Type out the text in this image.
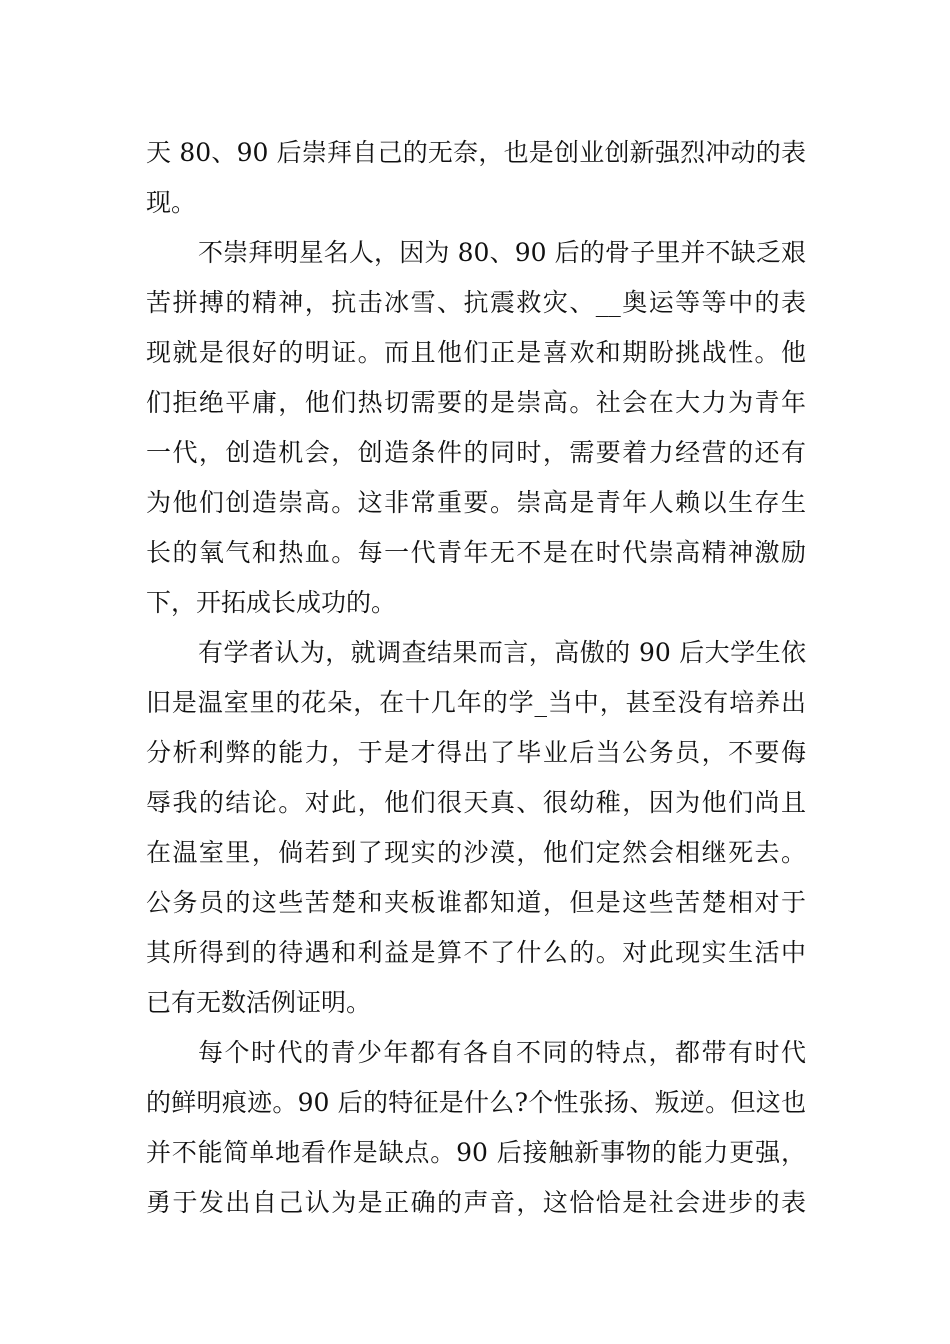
天 80、90 后崇拜自己的无奈，也是创业创新强烈冲动的表
现。
不崇拜明星名人，因为 80、90 后的骨子里并不缺乏艰
苦拼搏的精神，抗击冰雪、抗震救灾、__奥运等等中的表
现就是很好的明证。而且他们正是喜欢和期盼挑战性。他
们拒绝平庸，他们热切需要的是崇高。社会在大力为青年
一代，创造机会，创造条件的同时，需要着力经营的还有
为他们创造崇高。这非常重要。崇高是青年人赖以生存生
长的氧气和热血。每一代青年无不是在时代崇高精神激励
下，开拓成长成功的。
有学者认为，就调查结果而言，高傲的 90 后大学生依
旧是温室里的花朵，在十几年的学_当中，甚至没有培养出
分析利弊的能力，于是才得出了毕业后当公务员，不要侮
辱我的结论。对此，他们很天真、很幼稚，因为他们尚且
在温室里，倘若到了现实的沙漠，他们定然会相继死去。
公务员的这些苦楚和夹板谁都知道，但是这些苦楚相对于
其所得到的待遇和利益是算不了什么的。对此现实生活中
已有无数活例证明。
每个时代的青少年都有各自不同的特点，都带有时代
的鲜明痕迹。90 后的特征是什么?个性张扬、叛逆。但这也
并不能简单地看作是缺点。90 后接触新事物的能力更强，
勇于发出自己认为是正确的声音，这恰恰是社会进步的表
